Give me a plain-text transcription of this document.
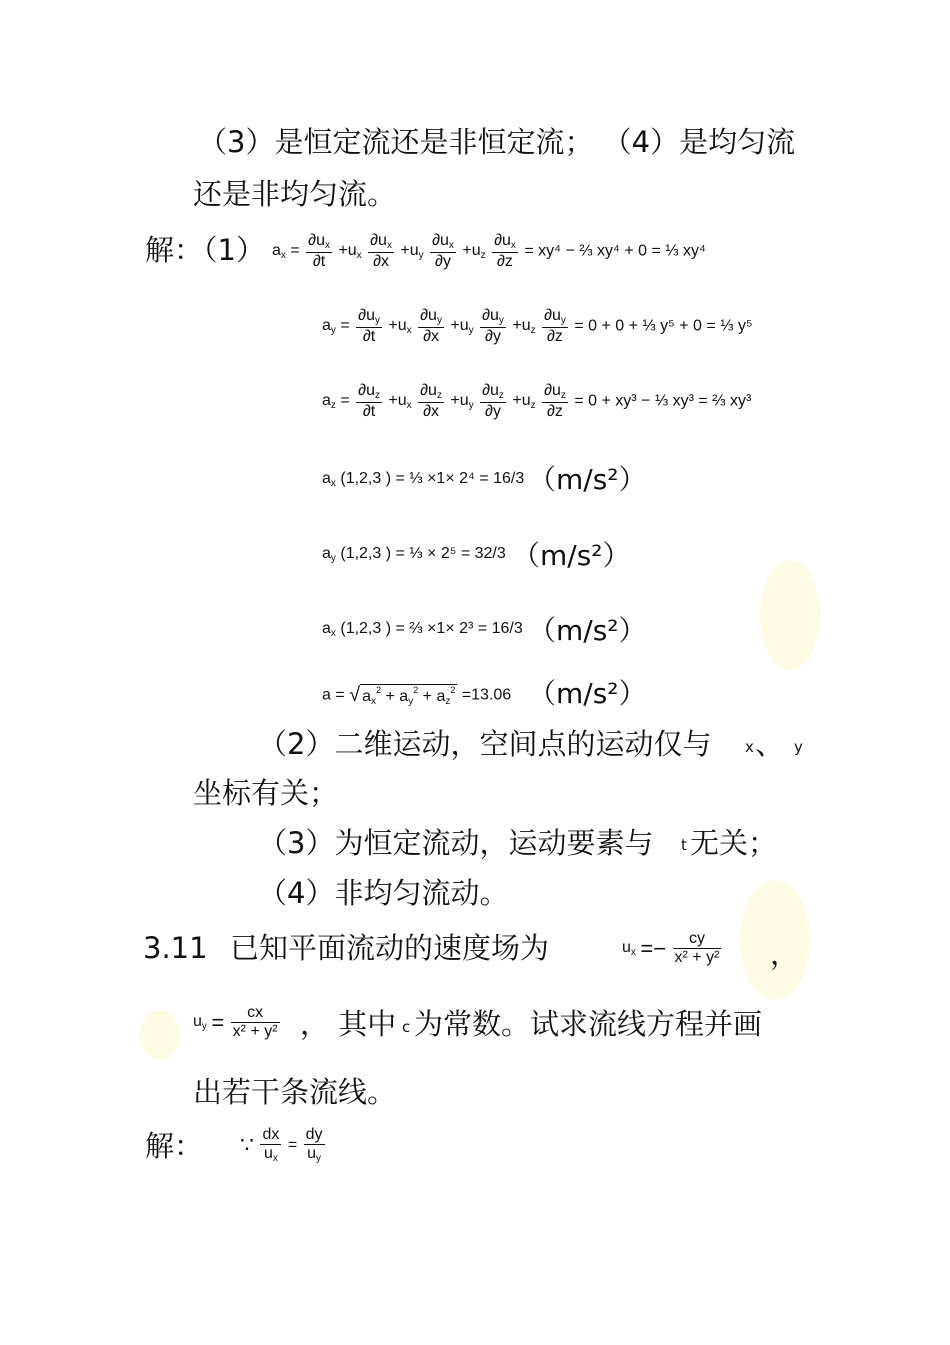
（3）是恒定流还是非恒定流； （4）是均匀流
还是非均匀流。
解：（1） $a_x = \frac{\partial u_x}{\partial t} +u_x \frac{\partial u_x}{\partial x} +u_y \frac{\partial u_x}{\partial y} +u_z \frac{\partial u_x}{\partial z} = xy^4$ − ⅔ xy⁴ + 0 = ⅓ xy⁴
$a_y = \frac{\partial u_y}{\partial t} +u_x \frac{\partial u_y}{\partial x} +u_y \frac{\partial u_y}{\partial y} +u_z \frac{\partial u_y}{\partial z} = 0 + 0$ + ⅓ y⁵ + 0 = ⅓ y⁵
$a_z = \frac{\partial u_z}{\partial t} +u_x \frac{\partial u_z}{\partial x} +u_y \frac{\partial u_z}{\partial y} +u_z \frac{\partial u_z}{\partial z} = 0 + xy^3$ − ⅓ xy³ = ⅔ xy³
$a_x$ (1,2,3 ) = ⅓ ×1× 2⁴ = 16/3 （m/s²）
$a_y$ (1,2,3 ) = ⅓ × 2⁵ = 32/3 （m/s²）
$a_x$ (1,2,3 ) = ⅔ ×1× 2³ = 16/3 （m/s²）
a = √ $a_x^2 + a_y^2 + a_z^2 =13.06$ （m/s²）
（2）二维运动，空间点的运动仅与 x 、 y
坐标有关；
（3）为恒定流动，运动要素与 t 无关；
（4）非均匀流动。
3.11 已知平面流动的速度场为	$u_x =- \frac{cy}{\text{x² + y²}}$ ，
$u_y = \frac{cx}{\text{x² + y²}}$ ， 其中 c 为常数。试求流线方程并画
出若干条流线。
解： ∵ $\frac{dx}{u_x} = \frac{dy}{u_y}$
